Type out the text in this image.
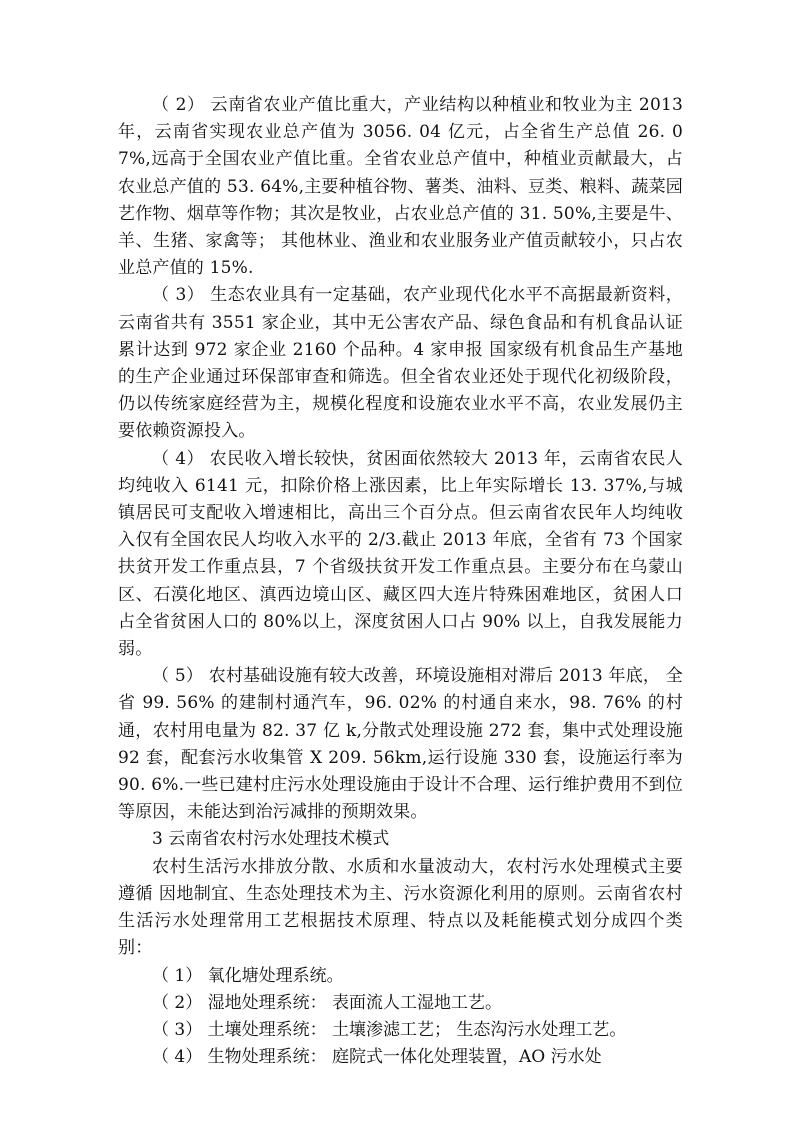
（ 2） 云南省农业产值比重大，产业结构以种植业和牧业为主 2013 年，云南省实现农业总产值为 3056. 04 亿元，占全省生产总值 26. 07%,远高于全国农业产值比重。全省农业总产值中，种植业贡献最大，占农业总产值的 53. 64%,主要种植谷物、薯类、油料、豆类、粮料、蔬菜园艺作物、烟草等作物；其次是牧业，占农业总产值的 31. 50%,主要是牛、羊、生猪、家禽等； 其他林业、渔业和农业服务业产值贡献较小，只占农业总产值的 15%.

（ 3） 生态农业具有一定基础，农产业现代化水平不高据最新资料，云南省共有 3551 家企业，其中无公害农产品、绿色食品和有机食品认证累计达到 972 家企业 2160 个品种。4 家申报 国家级有机食品生产基地的生产企业通过环保部审查和筛选。但全省农业还处于现代化初级阶段，仍以传统家庭经营为主，规模化程度和设施农业水平不高，农业发展仍主要依赖资源投入。

（ 4） 农民收入增长较快，贫困面依然较大 2013 年，云南省农民人均纯收入 6141 元，扣除价格上涨因素，比上年实际增长 13. 37%,与城镇居民可支配收入增速相比，高出三个百分点。但云南省农民年人均纯收入仅有全国农民人均收入水平的 2/3.截止 2013 年底，全省有 73 个国家扶贫开发工作重点县，7 个省级扶贫开发工作重点县。主要分布在乌蒙山区、石漠化地区、滇西边境山区、藏区四大连片特殊困难地区，贫困人口占全省贫困人口的 80%以上，深度贫困人口占 90% 以上，自我发展能力弱。

（ 5） 农村基础设施有较大改善，环境设施相对滞后 2013 年底， 全省 99. 56% 的建制村通汽车，96. 02% 的村通自来水，98. 76% 的村通，农村用电量为 82. 37 亿 k,分散式处理设施 272 套，集中式处理设施 92 套，配套污水收集管 X 209. 56km,运行设施 330 套，设施运行率为 90. 6%.一些已建村庄污水处理设施由于设计不合理、运行维护费用不到位等原因，未能达到治污减排的预期效果。

3 云南省农村污水处理技术模式

农村生活污水排放分散、水质和水量波动大，农村污水处理模式主要遵循 因地制宜、生态处理技术为主、污水资源化利用的原则。云南省农村生活污水处理常用工艺根据技术原理、特点以及耗能模式划分成四个类别：

（ 1） 氧化塘处理系统。

（ 2） 湿地处理系统： 表面流人工湿地工艺。

（ 3） 土壤处理系统： 土壤渗滤工艺； 生态沟污水处理工艺。

（ 4） 生物处理系统： 庭院式一体化处理装置，AO 污水处
